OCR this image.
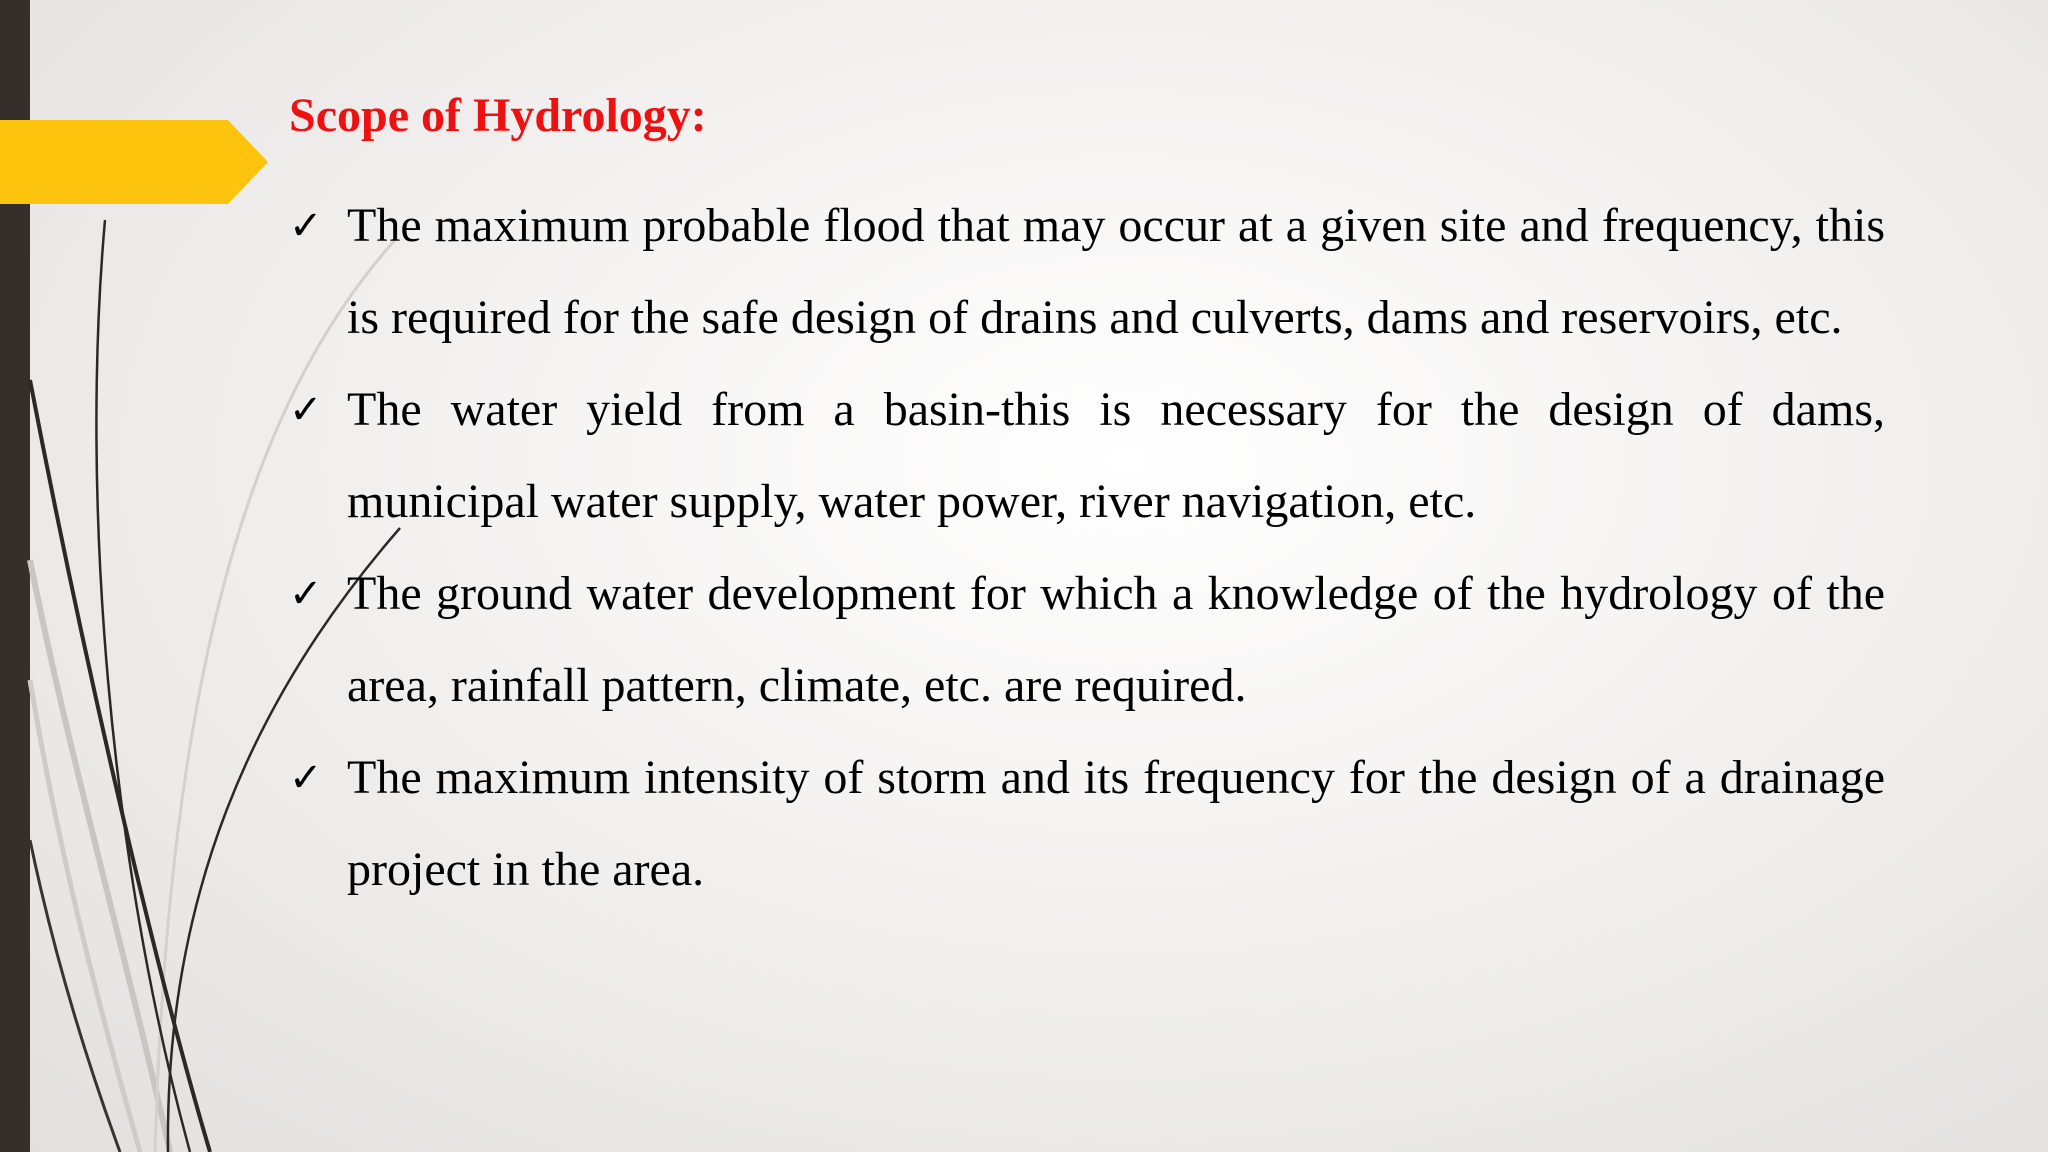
Scope of Hydrology:
✓ The maximum probable flood that may occur at a given site and frequency, this is required for the safe design of drains and culverts, dams and reservoirs, etc.
✓ The water yield from a basin-this is necessary for the design of dams, municipal water supply, water power, river navigation, etc.
✓ The ground water development for which a knowledge of the hydrology of the area, rainfall pattern, climate, etc. are required.
✓ The maximum intensity of storm and its frequency for the design of a drainage project in the area.
